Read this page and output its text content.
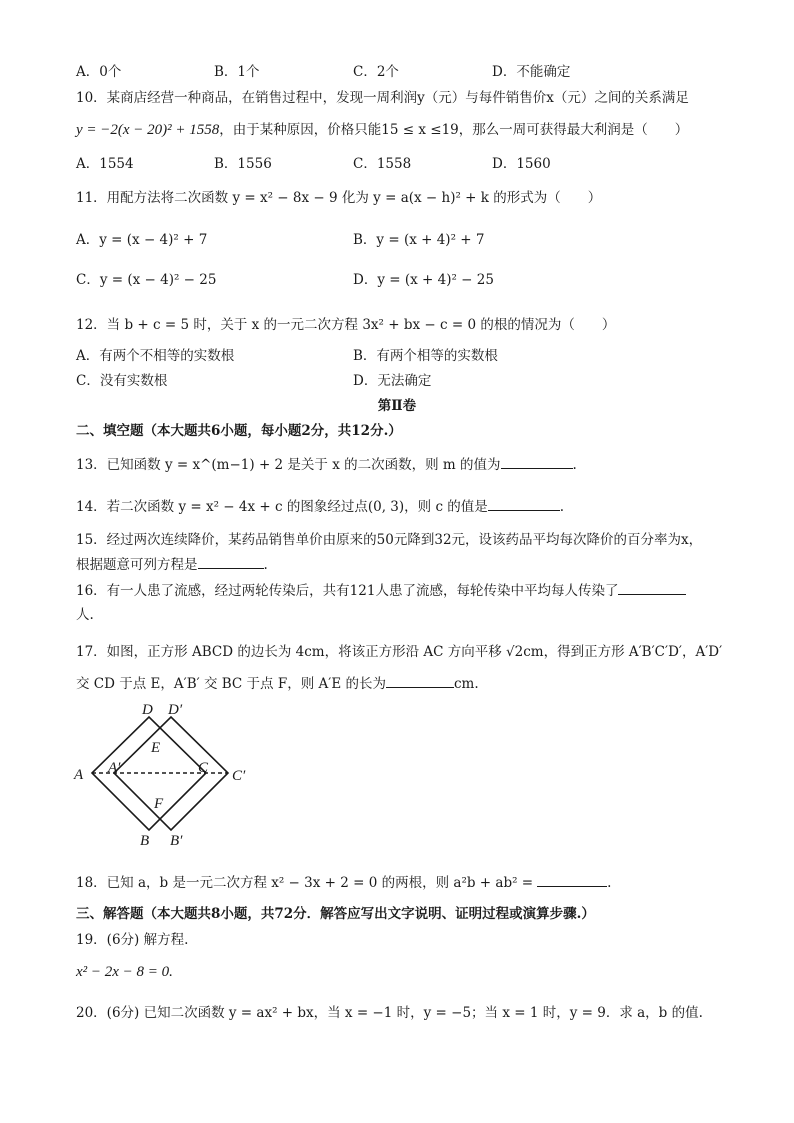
A．0个	B．1个	C．2个	D．不能确定
10．某商店经营一种商品，在销售过程中，发现一周利润y（元）与每件销售价x（元）之间的关系满足
y = −2(x − 20)² + 1558，由于某种原因，价格只能15 ≤ x ≤19，那么一周可获得最大利润是（　　）
A．1554	B．1556	C．1558	D．1560
11．用配方法将二次函数 y = x² − 8x − 9 化为 y = a(x − h)² + k 的形式为（　　）
A．y = (x − 4)² + 7	B．y = (x + 4)² + 7
C．y = (x − 4)² − 25	D．y = (x + 4)² − 25
12．当 b + c = 5 时，关于 x 的一元二次方程 3x² + bx − c = 0 的根的情况为（　　）
A．有两个不相等的实数根	B．有两个相等的实数根
C．没有实数根	D．无法确定
第Ⅱ卷
二、填空题（本大题共6小题，每小题2分，共12分.）
13．已知函数 y = x^(m−1) + 2 是关于 x 的二次函数，则 m 的值为	.
14．若二次函数 y = x² − 4x + c 的图象经过点(0, 3)，则 c 的值是	.
15．经过两次连续降价，某药品销售单价由原来的50元降到32元，设该药品平均每次降价的百分率为x，
根据题意可列方程是	.
16．有一人患了流感，经过两轮传染后，共有121人患了流感，每轮传染中平均每人传染了
人.
17．如图，正方形 ABCD 的边长为 4cm，将该正方形沿 AC 方向平移 √2cm，得到正方形 A′B′C′D′，A′D′
交 CD 于点 E，A′B′ 交 BC 于点 F，则 A′E 的长为	cm.
A
D D′
E
A′	C C′
F
B B′
18．已知 a，b 是一元二次方程 x² − 3x + 2 = 0 的两根，则 a²b + ab² =	.
三、解答题（本大题共8小题，共72分．解答应写出文字说明、证明过程或演算步骤.）
19．(6分) 解方程.
x² − 2x − 8 = 0.
20．(6分) 已知二次函数 y = ax² + bx，当 x = −1 时，y = −5；当 x = 1 时，y = 9．求 a，b 的值.
